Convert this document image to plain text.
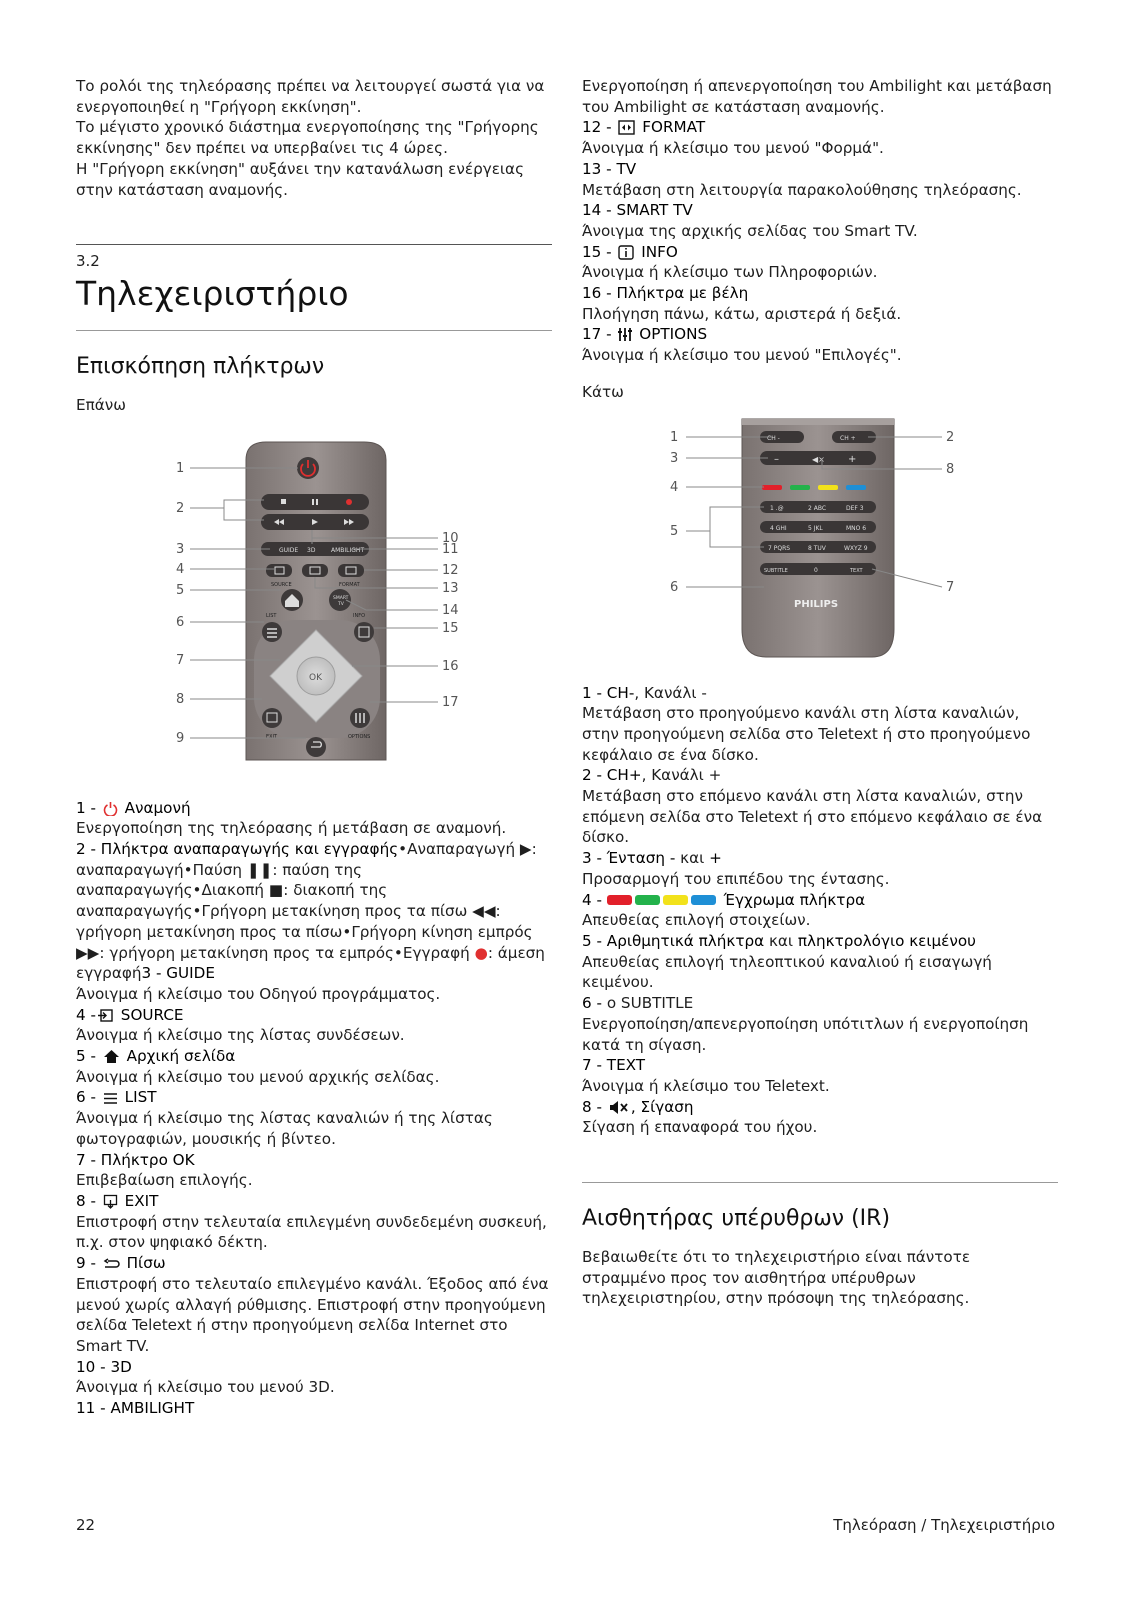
Το ρολόι της τηλεόρασης πρέπει να λειτουργεί σωστά για να ενεργοποιηθεί η "Γρήγορη εκκίνηση".

Το μέγιστο χρονικό διάστημα ενεργοποίησης της "Γρήγορης εκκίνησης" δεν πρέπει να υπερβαίνει τις 4 ώρες.

Η "Γρήγορη εκκίνηση" αυξάνει την κατανάλωση ενέργειας στην κατάσταση αναμονής.

3.2
Τηλεχειριστήριο
Επισκόπηση πλήκτρων
Επάνω
GUIDE 3D	AMBILIGHT
SOURCE	FORMAT
SMART
TV
LIST	INFO
OK
EXIT	OPTIONS
1
2
3
4
5
6
7
8
9
10
11
12
13
14
15
16
17

1 -  Αναμονή

Ενεργοποίηση της τηλεόρασης ή μετάβαση σε αναμονή.

2 - Πλήκτρα αναπαραγωγής και εγγραφής•Αναπαραγωγή ▶: αναπαραγωγή•Παύση ❚❚: παύση της αναπαραγωγής•Διακοπή ■: διακοπή της αναπαραγωγής•Γρήγορη μετακίνηση προς τα πίσω ◀◀: γρήγορη μετακίνηση προς τα πίσω•Γρήγορη κίνηση εμπρός ▶▶: γρήγορη μετακίνηση προς τα εμπρός•Εγγραφή ●: άμεση εγγραφή3 - GUIDE

Άνοιγμα ή κλείσιμο του Οδηγού προγράμματος.

4 - SOURCE

Άνοιγμα ή κλείσιμο της λίστας συνδέσεων.

5 -  Αρχική σελίδα

Άνοιγμα ή κλείσιμο του μενού αρχικής σελίδας.

6 -  LIST

Άνοιγμα ή κλείσιμο της λίστας καναλιών ή της λίστας φωτογραφιών, μουσικής ή βίντεο.

7 - Πλήκτρο OK

Επιβεβαίωση επιλογής.

8 -  EXIT

Επιστροφή στην τελευταία επιλεγμένη συνδεδεμένη συσκευή, π.χ. στον ψηφιακό δέκτη.

9 -  Πίσω

Επιστροφή στο τελευταίο επιλεγμένο κανάλι. Έξοδος από ένα μενού χωρίς αλλαγή ρύθμισης. Επιστροφή στην προηγούμενη σελίδα Teletext ή στην προηγούμενη σελίδα Internet στο Smart TV.

10 - 3D

Άνοιγμα ή κλείσιμο του μενού 3D.

11 - AMBILIGHT

Ενεργοποίηση ή απενεργοποίηση του Ambilight και μετάβαση του Ambilight σε κατάσταση αναμονής.

12 -  FORMAT

Άνοιγμα ή κλείσιμο του μενού "Φορμά".

13 - TV

Μετάβαση στη λειτουργία παρακολούθησης τηλεόρασης.

14 - SMART TV

Άνοιγμα της αρχικής σελίδας του Smart TV.

15 -  INFO

Άνοιγμα ή κλείσιμο των Πληροφοριών.

16 - Πλήκτρα με βέλη

Πλοήγηση πάνω, κάτω, αριστερά ή δεξιά.

17 -  OPTIONS

Άνοιγμα ή κλείσιμο του μενού "Επιλογές".

Κάτω
CH -	CH +
–	◀× +
1 .@	2 ABC	DEF 3
4 GHI	5 JKL	MNO 6
7 PQRS	8 TUV	WXYZ 9
SUBTITLE	0	TEXT
PHILIPS
1	2
3
4
5
6	7
8

1 - CH-, Κανάλι -

Μετάβαση στο προηγούμενο κανάλι στη λίστα καναλιών, στην προηγούμενη σελίδα στο Teletext ή στο προηγούμενο κεφάλαιο σε ένα δίσκο.

2 - CH+, Κανάλι +

Μετάβαση στο επόμενο κανάλι στη λίστα καναλιών, στην επόμενη σελίδα στο Teletext ή στο επόμενο κεφάλαιο σε ένα δίσκο.

3 - Ένταση - και +

Προσαρμογή του επιπέδου της έντασης.

4 -	Έγχρωμα πλήκτρα

Απευθείας επιλογή στοιχείων.

5 - Αριθμητικά πλήκτρα και πληκτρολόγιο κειμένου

Απευθείας επιλογή τηλεοπτικού καναλιού ή εισαγωγή κειμένου.

6 - ο SUBTITLE

Ενεργοποίηση/απενεργοποίηση υπότιτλων ή ενεργοποίηση κατά τη σίγαση.

7 - TEXT

Άνοιγμα ή κλείσιμο του Teletext.

8 - , Σίγαση

Σίγαση ή επαναφορά του ήχου.

Αισθητήρας υπέρυθρων (IR)

Βεβαιωθείτε ότι το τηλεχειριστήριο είναι πάντοτε στραμμένο προς τον αισθητήρα υπέρυθρων τηλεχειριστηρίου, στην πρόσοψη της τηλεόρασης.

22	Τηλεόραση / Τηλεχειριστήριο
